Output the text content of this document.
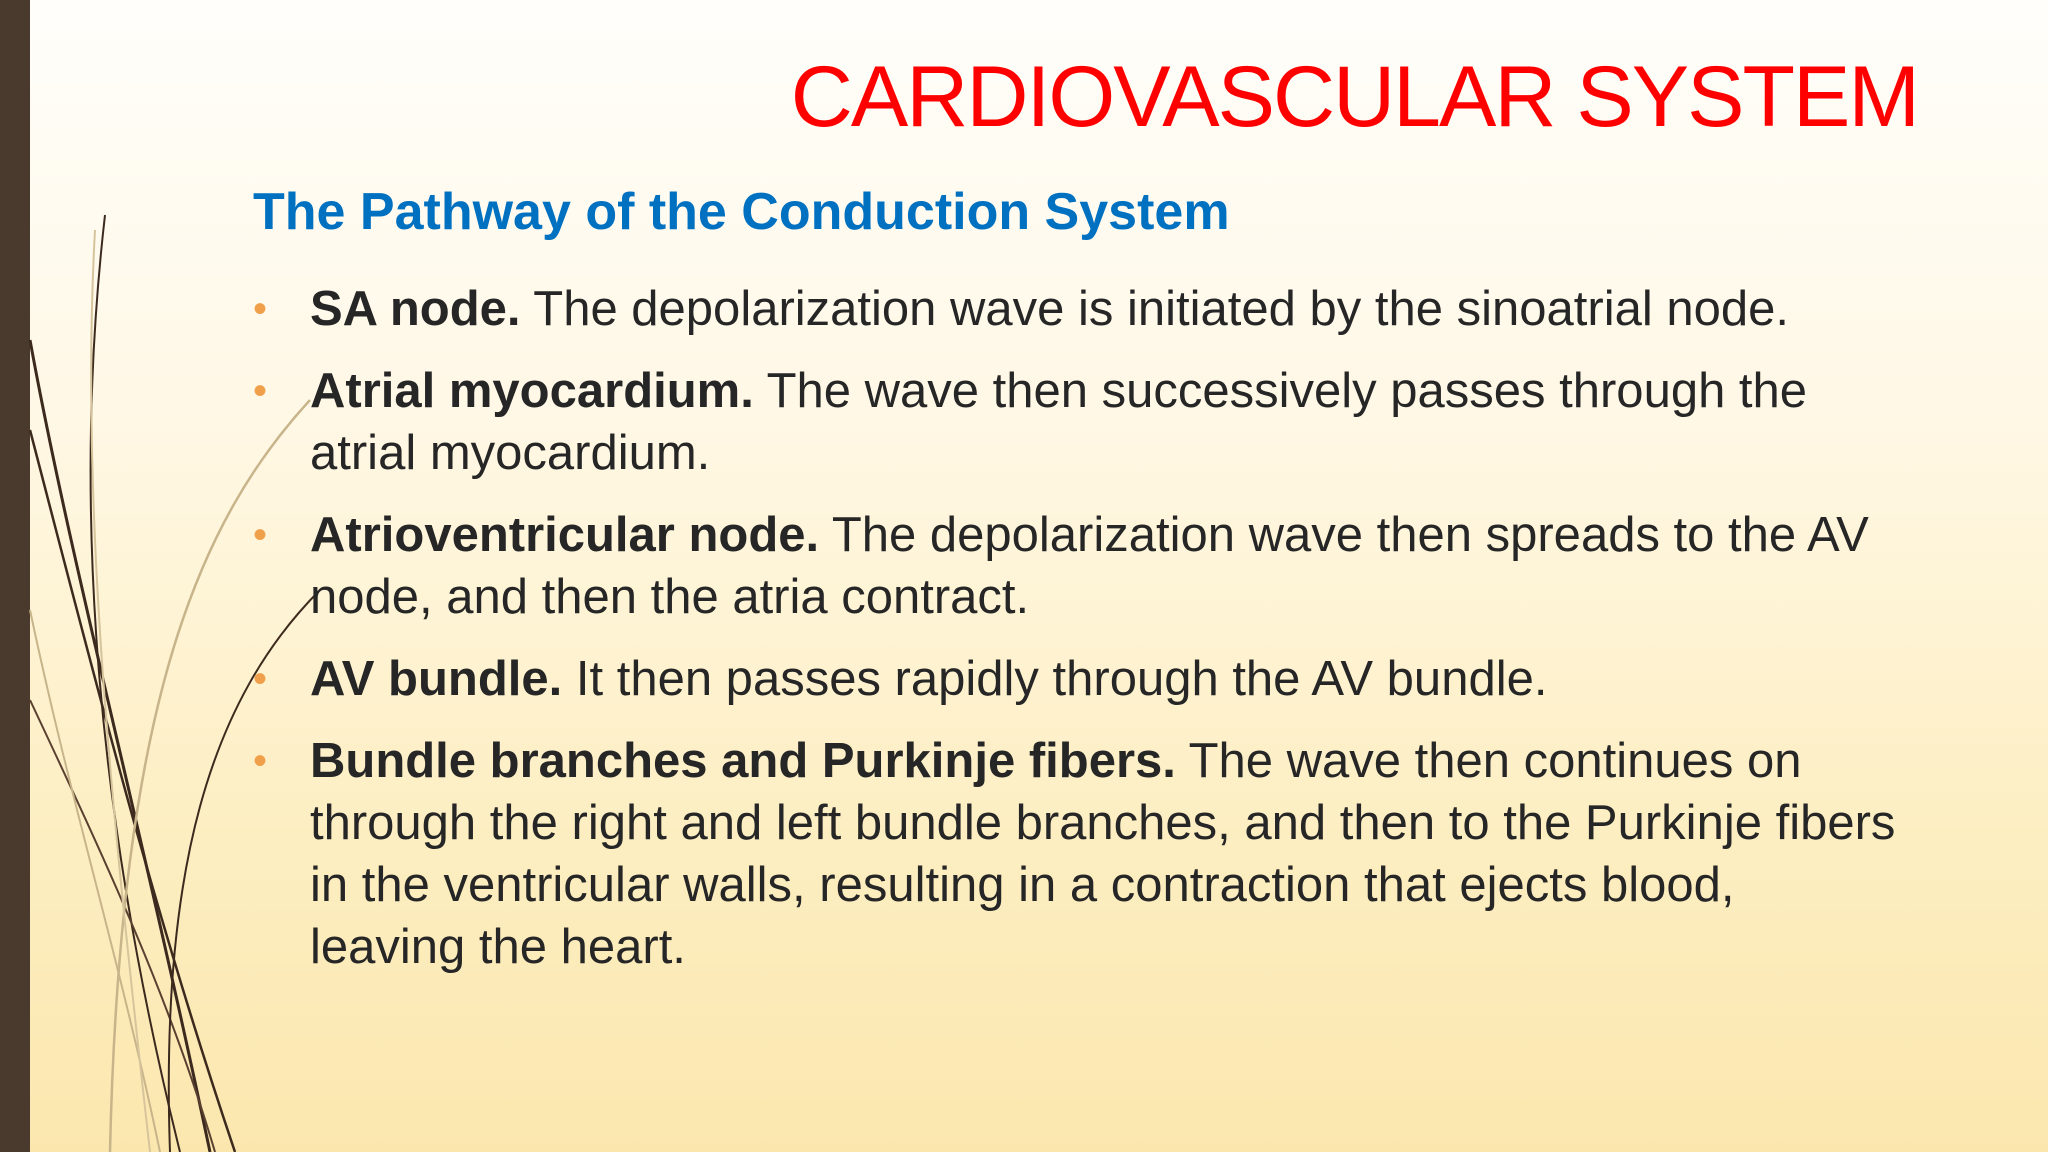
CARDIOVASCULAR SYSTEM
The Pathway of the Conduction System
• SA node. The depolarization wave is initiated by the sinoatrial node.
• Atrial myocardium. The wave then successively passes through the atrial myocardium.
• Atrioventricular node. The depolarization wave then spreads to the AV node, and then the atria contract.
• AV bundle. It then passes rapidly through the AV bundle.
• Bundle branches and Purkinje fibers. The wave then continues on through the right and left bundle branches, and then to the Purkinje fibers in the ventricular walls, resulting in a contraction that ejects blood, leaving the heart.
